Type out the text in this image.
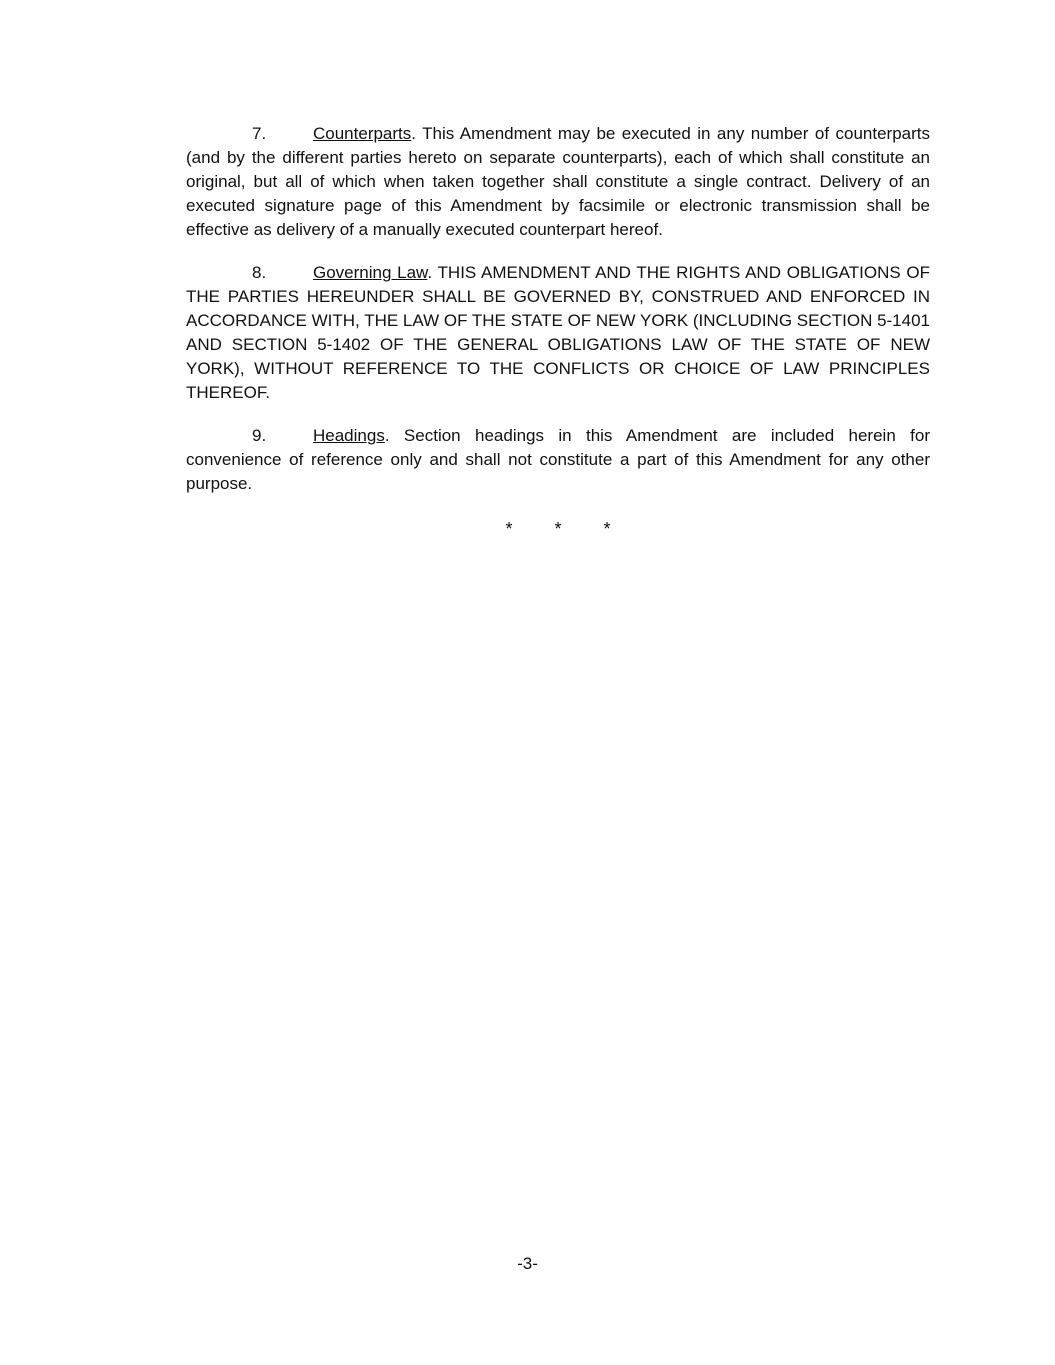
7.	Counterparts. This Amendment may be executed in any number of counterparts (and by the different parties hereto on separate counterparts), each of which shall constitute an original, but all of which when taken together shall constitute a single contract. Delivery of an executed signature page of this Amendment by facsimile or electronic transmission shall be effective as delivery of a manually executed counterpart hereof.

8.	Governing Law. THIS AMENDMENT AND THE RIGHTS AND OBLIGATIONS OF THE PARTIES HEREUNDER SHALL BE GOVERNED BY, CONSTRUED AND ENFORCED IN ACCORDANCE WITH, THE LAW OF THE STATE OF NEW YORK (INCLUDING SECTION 5-1401 AND SECTION 5-1402 OF THE GENERAL OBLIGATIONS LAW OF THE STATE OF NEW YORK), WITHOUT REFERENCE TO THE CONFLICTS OR CHOICE OF LAW PRINCIPLES THEREOF.

9.	Headings. Section headings in this Amendment are included herein for convenience of reference only and shall not constitute a part of this Amendment for any other purpose.

* * *
-3-
